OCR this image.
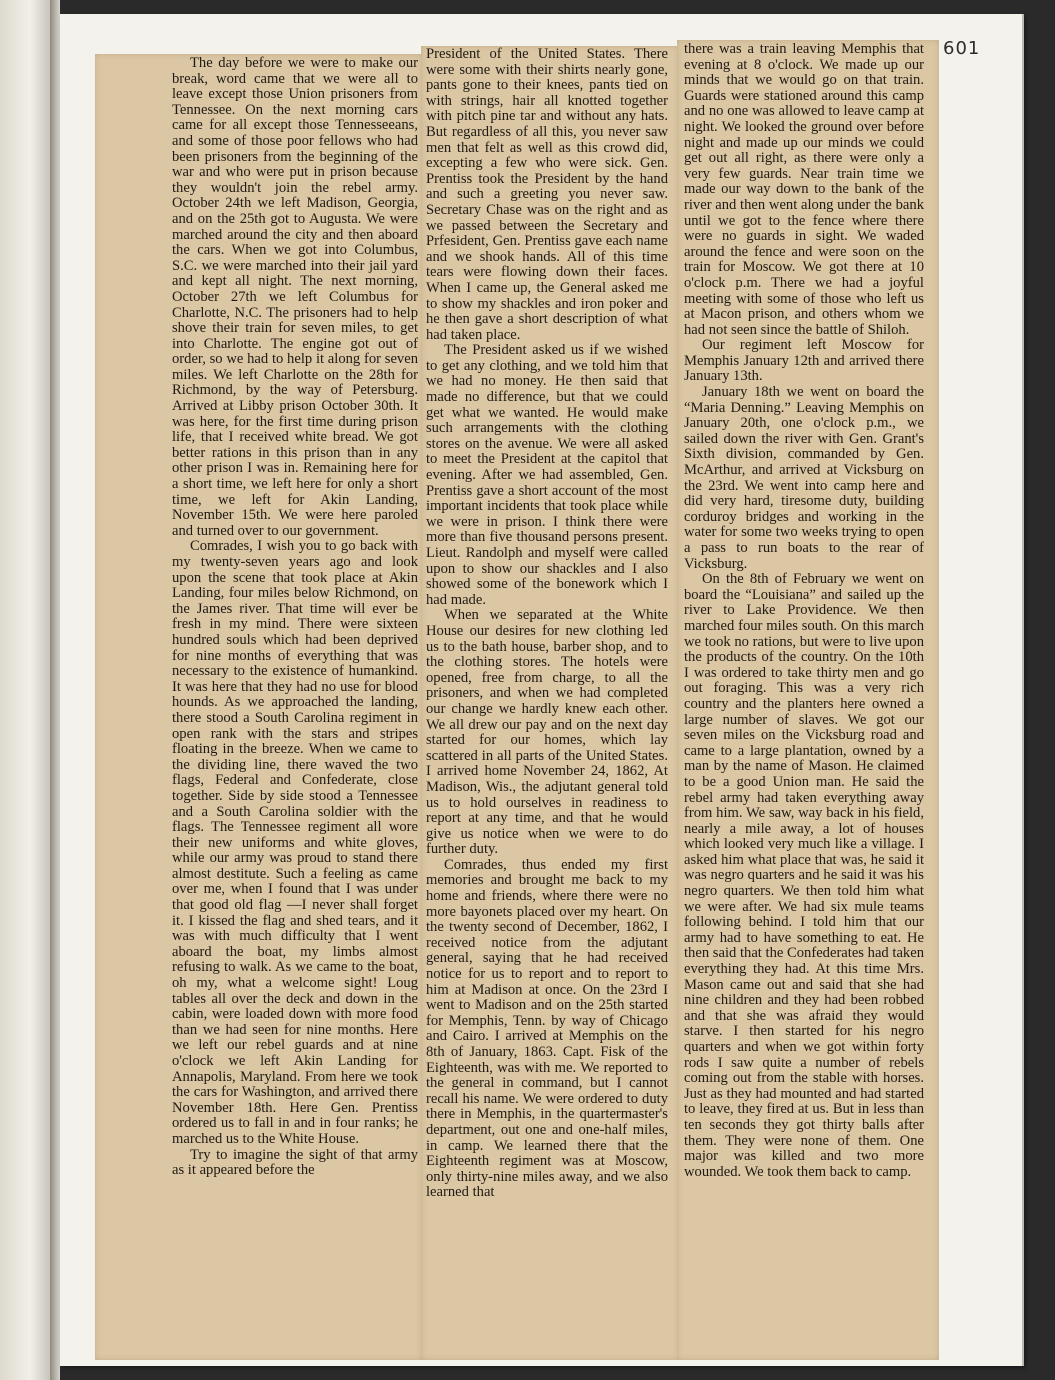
601

The day before we were to make our break, word came that we were all to leave except those Union prisoners from Tennessee. On the next morning cars came for all except those Tennesseeans, and some of those poor fellows who had been prisoners from the beginning of the war and who were put in prison because they wouldn't join the rebel army. October 24th we left Madison, Georgia, and on the 25th got to Augusta. We were marched around the city and then aboard the cars. When we got into Columbus, S.C. we were marched into their jail yard and kept all night. The next morning, October 27th we left Columbus for Charlotte, N.C. The prisoners had to help shove their train for seven miles, to get into Charlotte. The engine got out of order, so we had to help it along for seven miles. We left Charlotte on the 28th for Richmond, by the way of Petersburg. Arrived at Libby prison October 30th. It was here, for the first time during prison life, that I received white bread. We got better rations in this prison than in any other prison I was in. Remaining here for a short time, we left here for only a short time, we left for Akin Landing, November 15th. We were here paroled and turned over to our government.

Comrades, I wish you to go back with my twenty-seven years ago and look upon the scene that took place at Akin Landing, four miles below Richmond, on the James river. That time will ever be fresh in my mind. There were sixteen hundred souls which had been deprived for nine months of everything that was necessary to the existence of humankind. It was here that they had no use for blood hounds. As we approached the landing, there stood a South Carolina regiment in open rank with the stars and stripes floating in the breeze. When we came to the dividing line, there waved the two flags, Federal and Confederate, close together. Side by side stood a Tennessee and a South Carolina soldier with the flags. The Tennessee regiment all wore their new uniforms and white gloves, while our army was proud to stand there almost destitute. Such a feeling as came over me, when I found that I was under that good old flag —I never shall forget it. I kissed the flag and shed tears, and it was with much difficulty that I went aboard the boat, my limbs almost refusing to walk. As we came to the boat, oh my, what a welcome sight! Loug tables all over the deck and down in the cabin, were loaded down with more food than we had seen for nine months. Here we left our rebel guards and at nine o'clock we left Akin Landing for Annapolis, Maryland. From here we took the cars for Washington, and arrived there November 18th. Here Gen. Prentiss ordered us to fall in and in four ranks; he marched us to the White House.

Try to imagine the sight of that army as it appeared before the

President of the United States. There were some with their shirts nearly gone, pants gone to their knees, pants tied on with strings, hair all knotted together with pitch pine tar and without any hats. But regardless of all this, you never saw men that felt as well as this crowd did, excepting a few who were sick. Gen. Prentiss took the President by the hand and such a greeting you never saw. Secretary Chase was on the right and as we passed between the Secretary and Prfesident, Gen. Prentiss gave each name and we shook hands. All of this time tears were flowing down their faces. When I came up, the General asked me to show my shackles and iron poker and he then gave a short description of what had taken place.

The President asked us if we wished to get any clothing, and we told him that we had no money. He then said that made no difference, but that we could get what we wanted. He would make such arrangements with the clothing stores on the avenue. We were all asked to meet the President at the capitol that evening. After we had assembled, Gen. Prentiss gave a short account of the most important incidents that took place while we were in prison. I think there were more than five thousand persons present. Lieut. Randolph and myself were called upon to show our shackles and I also showed some of the bonework which I had made.

When we separated at the White House our desires for new clothing led us to the bath house, barber shop, and to the clothing stores. The hotels were opened, free from charge, to all the prisoners, and when we had completed our change we hardly knew each other. We all drew our pay and on the next day started for our homes, which lay scattered in all parts of the United States. I arrived home November 24, 1862, At Madison, Wis., the adjutant general told us to hold ourselves in readiness to report at any time, and that he would give us notice when we were to do further duty.

Comrades, thus ended my first memories and brought me back to my home and friends, where there were no more bayonets placed over my heart. On the twenty second of December, 1862, I received notice from the adjutant general, saying that he had received notice for us to report and to report to him at Madison at once. On the 23rd I went to Madison and on the 25th started for Memphis, Tenn. by way of Chicago and Cairo. I arrived at Memphis on the 8th of January, 1863. Capt. Fisk of the Eighteenth, was with me. We reported to the general in command, but I cannot recall his name. We were ordered to duty there in Memphis, in the quartermaster's department, out one and one-half miles, in camp. We learned there that the Eighteenth regiment was at Moscow, only thirty-nine miles away, and we also learned that

there was a train leaving Memphis that evening at 8 o'clock. We made up our minds that we would go on that train. Guards were stationed around this camp and no one was allowed to leave camp at night. We looked the ground over before night and made up our minds we could get out all right, as there were only a very few guards. Near train time we made our way down to the bank of the river and then went along under the bank until we got to the fence where there were no guards in sight. We waded around the fence and were soon on the train for Moscow. We got there at 10 o'clock p.m. There we had a joyful meeting with some of those who left us at Macon prison, and others whom we had not seen since the battle of Shiloh.

Our regiment left Moscow for Memphis January 12th and arrived there January 13th.

January 18th we went on board the “Maria Denning.” Leaving Memphis on January 20th, one o'clock p.m., we sailed down the river with Gen. Grant's Sixth division, commanded by Gen. McArthur, and arrived at Vicksburg on the 23rd. We went into camp here and did very hard, tiresome duty, building corduroy bridges and working in the water for some two weeks trying to open a pass to run boats to the rear of Vicksburg.

On the 8th of February we went on board the “Louisiana” and sailed up the river to Lake Providence. We then marched four miles south. On this march we took no rations, but were to live upon the products of the country. On the 10th I was ordered to take thirty men and go out foraging. This was a very rich country and the planters here owned a large number of slaves. We got our seven miles on the Vicksburg road and came to a large plantation, owned by a man by the name of Mason. He claimed to be a good Union man. He said the rebel army had taken everything away from him. We saw, way back in his field, nearly a mile away, a lot of houses which looked very much like a village. I asked him what place that was, he said it was negro quarters and he said it was his negro quarters. We then told him what we were after. We had six mule teams following behind. I told him that our army had to have something to eat. He then said that the Confederates had taken everything they had. At this time Mrs. Mason came out and said that she had nine children and they had been robbed and that she was afraid they would starve. I then started for his negro quarters and when we got within forty rods I saw quite a number of rebels coming out from the stable with horses. Just as they had mounted and had started to leave, they fired at us. But in less than ten seconds they got thirty balls after them. They were none of them. One major was killed and two more wounded. We took them back to camp.
